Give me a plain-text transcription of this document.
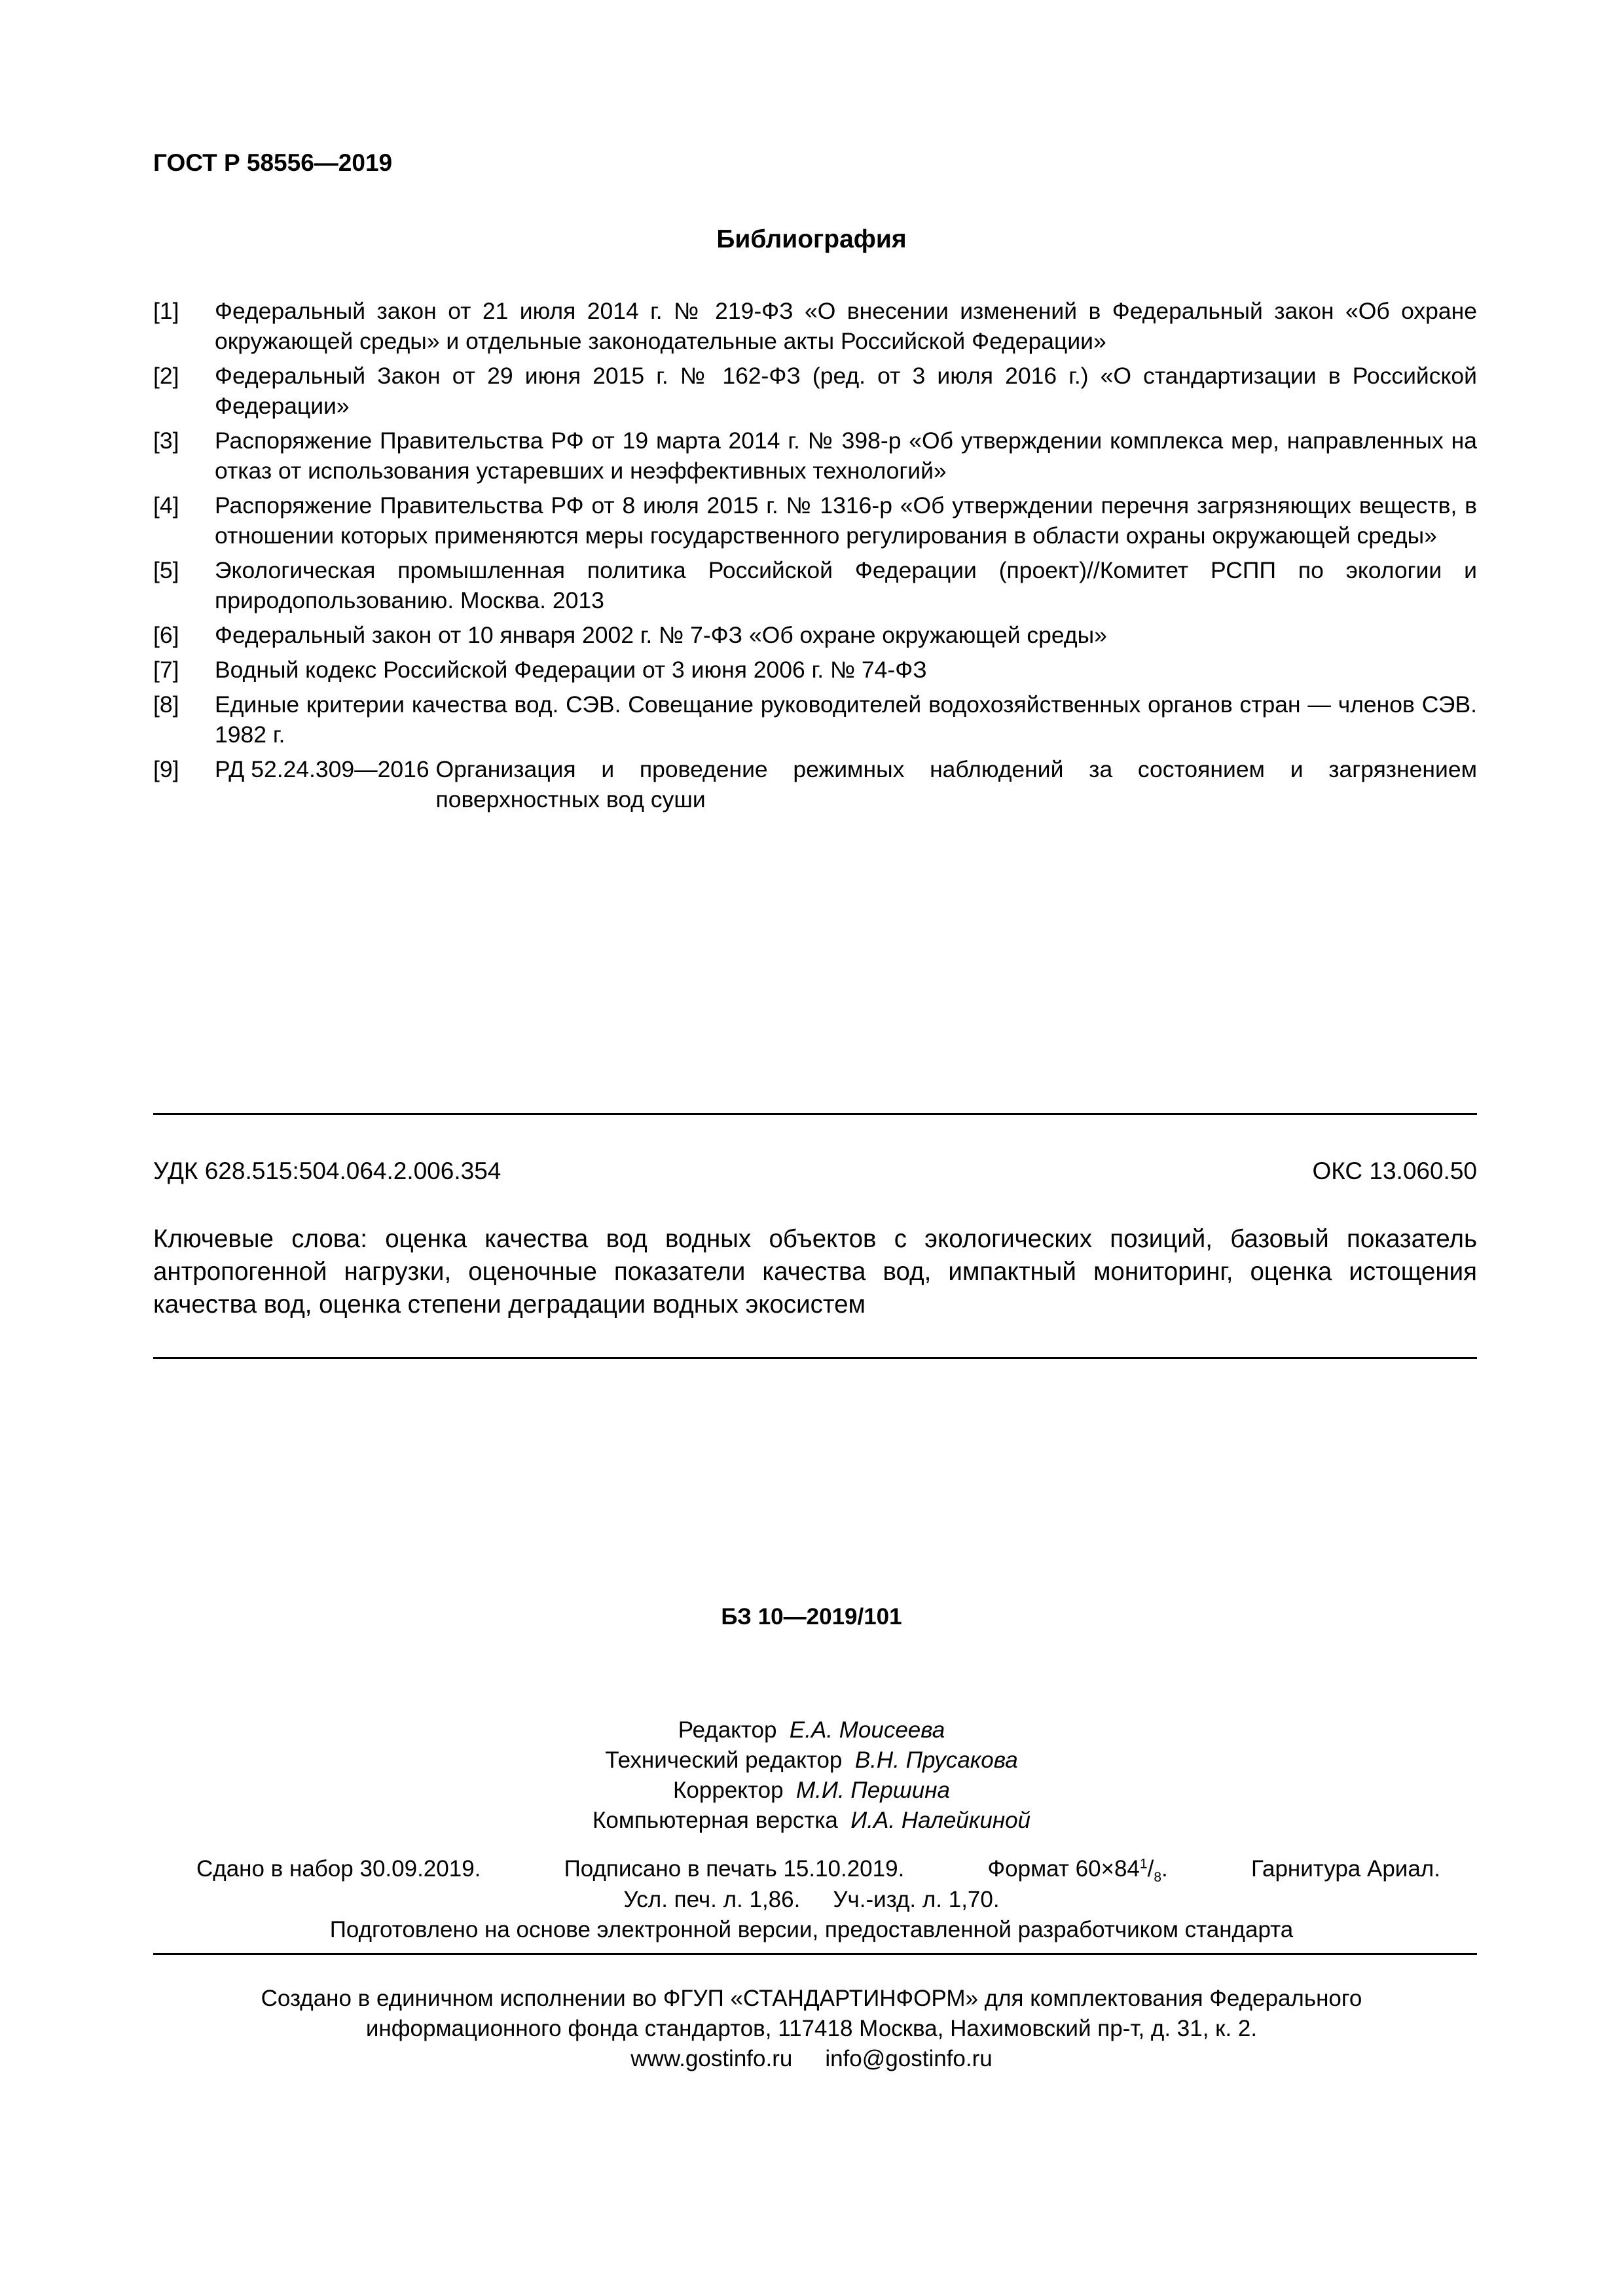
ГОСТ Р 58556—2019
Библиография
[1] Федеральный закон от 21 июля 2014 г. № 219-ФЗ «О внесении изменений в Федеральный закон «Об охране окружающей среды» и отдельные законодательные акты Российской Федерации»
[2] Федеральный Закон от 29 июня 2015 г. № 162-ФЗ (ред. от 3 июля 2016 г.) «О стандартизации в Российской Федерации»
[3] Распоряжение Правительства РФ от 19 марта 2014 г. № 398-р «Об утверждении комплекса мер, направленных на отказ от использования устаревших и неэффективных технологий»
[4] Распоряжение Правительства РФ от 8 июля 2015 г. № 1316-р «Об утверждении перечня загрязняющих веществ, в отношении которых применяются меры государственного регулирования в области охраны окружающей среды»
[5] Экологическая промышленная политика Российской Федерации (проект)//Комитет РСПП по экологии и природопользованию. Москва. 2013
[6] Федеральный закон от 10 января 2002 г. № 7-ФЗ «Об охране окружающей среды»
[7] Водный кодекс Российской Федерации от 3 июня 2006 г. № 74-ФЗ
[8] Единые критерии качества вод. СЭВ. Совещание руководителей водохозяйственных органов стран — членов СЭВ. 1982 г.
[9] РД 52.24.309—2016
Организация и проведение режимных наблюдений за состоянием и загрязнением поверхностных вод суши
УДК 628.515:504.064.2.006.354	ОКС 13.060.50
Ключевые слова: оценка качества вод водных объектов с экологических позиций, базовый показатель антропогенной нагрузки, оценочные показатели качества вод, импактный мониторинг, оценка истощения качества вод, оценка степени деградации водных экосистем
БЗ 10—2019/101
Редактор Е.А. Моисеева
Технический редактор В.Н. Прусакова
Корректор М.И. Першина
Компьютерная верстка И.А. Налейкиной
Сдано в набор 30.09.2019.	Подписано в печать 15.10.2019.	Формат $60\times 84^1/_8$.	Гарнитура Ариал.
Усл. печ. л. 1,86. Уч.-изд. л. 1,70.
Подготовлено на основе электронной версии, предоставленной разработчиком стандарта
Создано в единичном исполнении во ФГУП «СТАНДАРТИНФОРМ» для комплектования Федерального
информационного фонда стандартов, 117418 Москва, Нахимовский пр-т, д. 31, к. 2.
www.gostinfo.ru info@gostinfo.ru
